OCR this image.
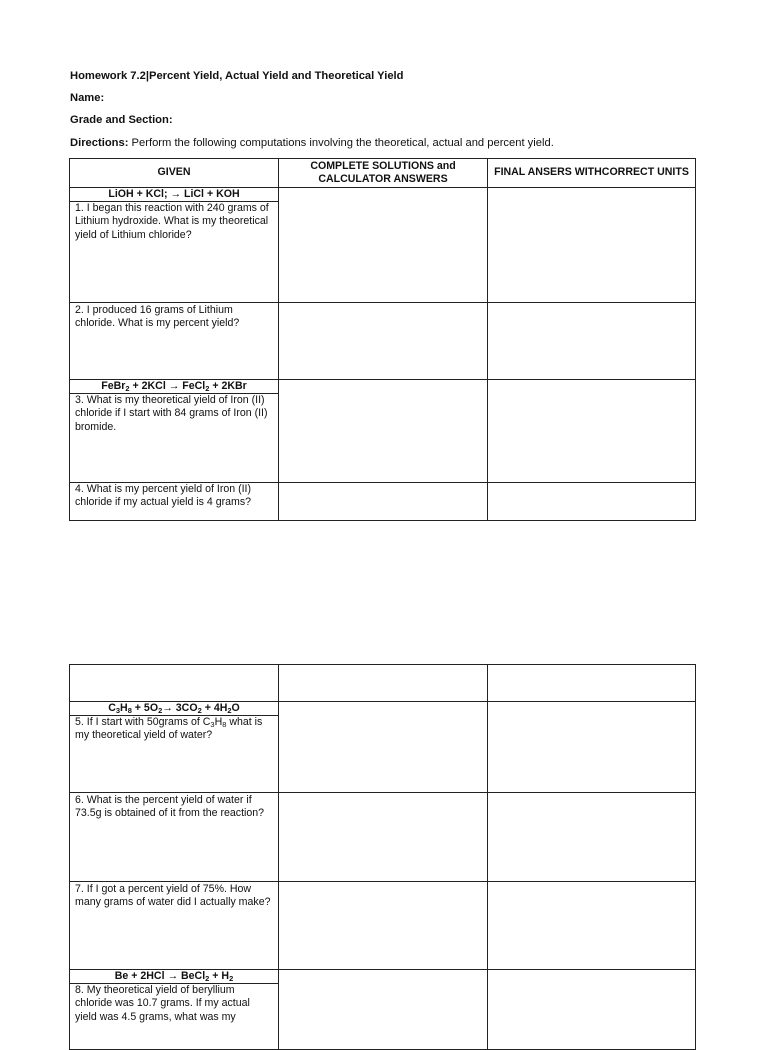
Homework 7.2|Percent Yield, Actual Yield and Theoretical Yield
Name:
Grade and Section:
Directions: Perform the following computations involving the theoretical, actual and percent yield.
GIVEN	COMPLETE SOLUTIONS and CALCULATOR ANSWERS	FINAL ANSERS WITHCORRECT UNITS

LiOH + KCl; → LiCl + KOH
1. I began this reaction with 240 grams of Lithium hydroxide. What is my theoretical yield of Lithium chloride?		

2. I produced 16 grams of Lithium chloride. What is my percent yield?		

FeBr$_2$ + 2KCl → FeCl$_2$ + 2KBr
3. What is my theoretical yield of Iron (II) chloride if I start with 84 grams of Iron (II) bromide.		

4. What is my percent yield of Iron (II) chloride if my actual yield is 4 grams?		

$C_3H_8 + 5O_2\to 3CO_2 + 4H_2O$
5. If I start with 50grams of $C_3H_8$ what is my theoretical yield of water?		

6. What is the percent yield of water if 73.5g is obtained of it from the reaction?		

7. If I got a percent yield of 75%. How many grams of water did I actually make?		

Be + 2HCl → BeCl$_2$ + $H_2$
8. My theoretical yield of beryllium chloride was 10.7 grams. If my actual yield was 4.5 grams, what was my		
